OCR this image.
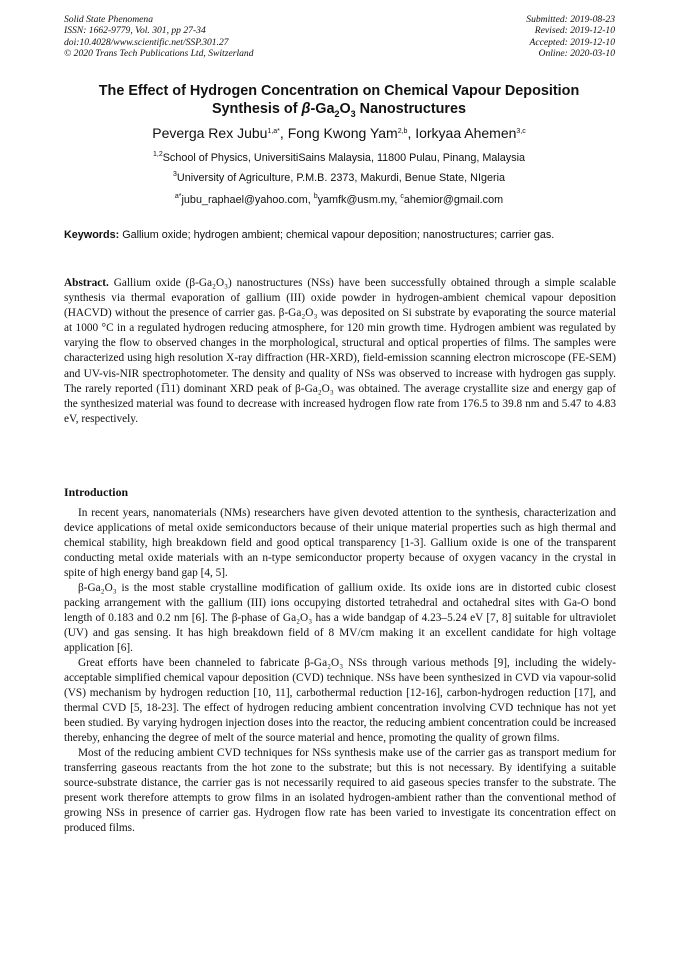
Solid State Phenomena
ISSN: 1662-9779, Vol. 301, pp 27-34
doi:10.4028/www.scientific.net/SSP.301.27
© 2020 Trans Tech Publications Ltd, Switzerland
Submitted: 2019-08-23
Revised: 2019-12-10
Accepted: 2019-12-10
Online: 2020-03-10
The Effect of Hydrogen Concentration on Chemical Vapour Deposition
Synthesis of $\beta-Ga_2O_3$ Nanostructures
Peverga Rex Jubu$^{1,a*}$, Fong Kwong Yam$^{2,b}$, Iorkyaa Ahemen$^{3,c}$
$^{1,2}$School of Physics, UniversitiSains Malaysia, 11800 Pulau, Pinang, Malaysia
$^3$University of Agriculture, P.M.B. 2373, Makurdi, Benue State, NIgeria
$^{a*}$jubu_raphael@yahoo.com, $^b$yamfk@usm.my, $^c$ahemior@gmail.com
Keywords: Gallium oxide; hydrogen ambient; chemical vapour deposition; nanostructures; carrier gas.
Abstract. Gallium oxide (β-Ga₂O₃) nanostructures (NSs) have been successfully obtained through a simple scalable synthesis via thermal evaporation of gallium (III) oxide powder in hydrogen-ambient chemical vapour deposition (HACVD) without the presence of carrier gas. β-Ga₂O₃ was deposited on Si substrate by evaporating the source material at 1000 °C in a regulated hydrogen reducing atmosphere, for 120 min growth time. Hydrogen ambient was regulated by varying the flow to observed changes in the morphological, structural and optical properties of films. The samples were characterized using high resolution X-ray diffraction (HR-XRD), field-emission scanning electron microscope (FE-SEM) and UV-vis-NIR spectrophotometer. The density and quality of NSs was observed to increase with hydrogen gas supply. The rarely reported (1̅11) dominant XRD peak of β-Ga₂O₃ was obtained. The average crystallite size and energy gap of the synthesized material was found to decrease with increased hydrogen flow rate from 176.5 to 39.8 nm and 5.47 to 4.83 eV, respectively.
Introduction

In recent years, nanomaterials (NMs) researchers have given devoted attention to the synthesis, characterization and device applications of metal oxide semiconductors because of their unique material properties such as high thermal and chemical stability, high breakdown field and good optical transparency [1-3]. Gallium oxide is one of the transparent conducting metal oxide materials with an n-type semiconductor property because of oxygen vacancy in the crystal in spite of high energy band gap [4, 5].

β-Ga₂O₃ is the most stable crystalline modification of gallium oxide. Its oxide ions are in distorted cubic closest packing arrangement with the gallium (III) ions occupying distorted tetrahedral and octahedral sites with Ga-O bond length of 0.183 and 0.2 nm [6]. The β-phase of Ga₂O₃ has a wide bandgap of 4.23–5.24 eV [7, 8] suitable for ultraviolet (UV) and gas sensing. It has high breakdown field of 8 MV/cm making it an excellent candidate for high voltage application [6].

Great efforts have been channeled to fabricate β-Ga₂O₃ NSs through various methods [9], including the widely-acceptable simplified chemical vapour deposition (CVD) technique. NSs have been synthesized in CVD via vapour-solid (VS) mechanism by hydrogen reduction [10, 11], carbothermal reduction [12-16], carbon-hydrogen reduction [17], and thermal CVD [5, 18-23]. The effect of hydrogen reducing ambient concentration involving CVD technique has not yet been studied. By varying hydrogen injection doses into the reactor, the reducing ambient concentration could be increased thereby, enhancing the degree of melt of the source material and hence, promoting the quality of grown films.

Most of the reducing ambient CVD techniques for NSs synthesis make use of the carrier gas as transport medium for transferring gaseous reactants from the hot zone to the substrate; but this is not necessary. By identifying a suitable source-substrate distance, the carrier gas is not necessarily required to aid gaseous species transfer to the substrate. The present work therefore attempts to grow films in an isolated hydrogen-ambient rather than the conventional method of growing NSs in presence of carrier gas. Hydrogen flow rate has been varied to investigate its concentration effect on produced films.
